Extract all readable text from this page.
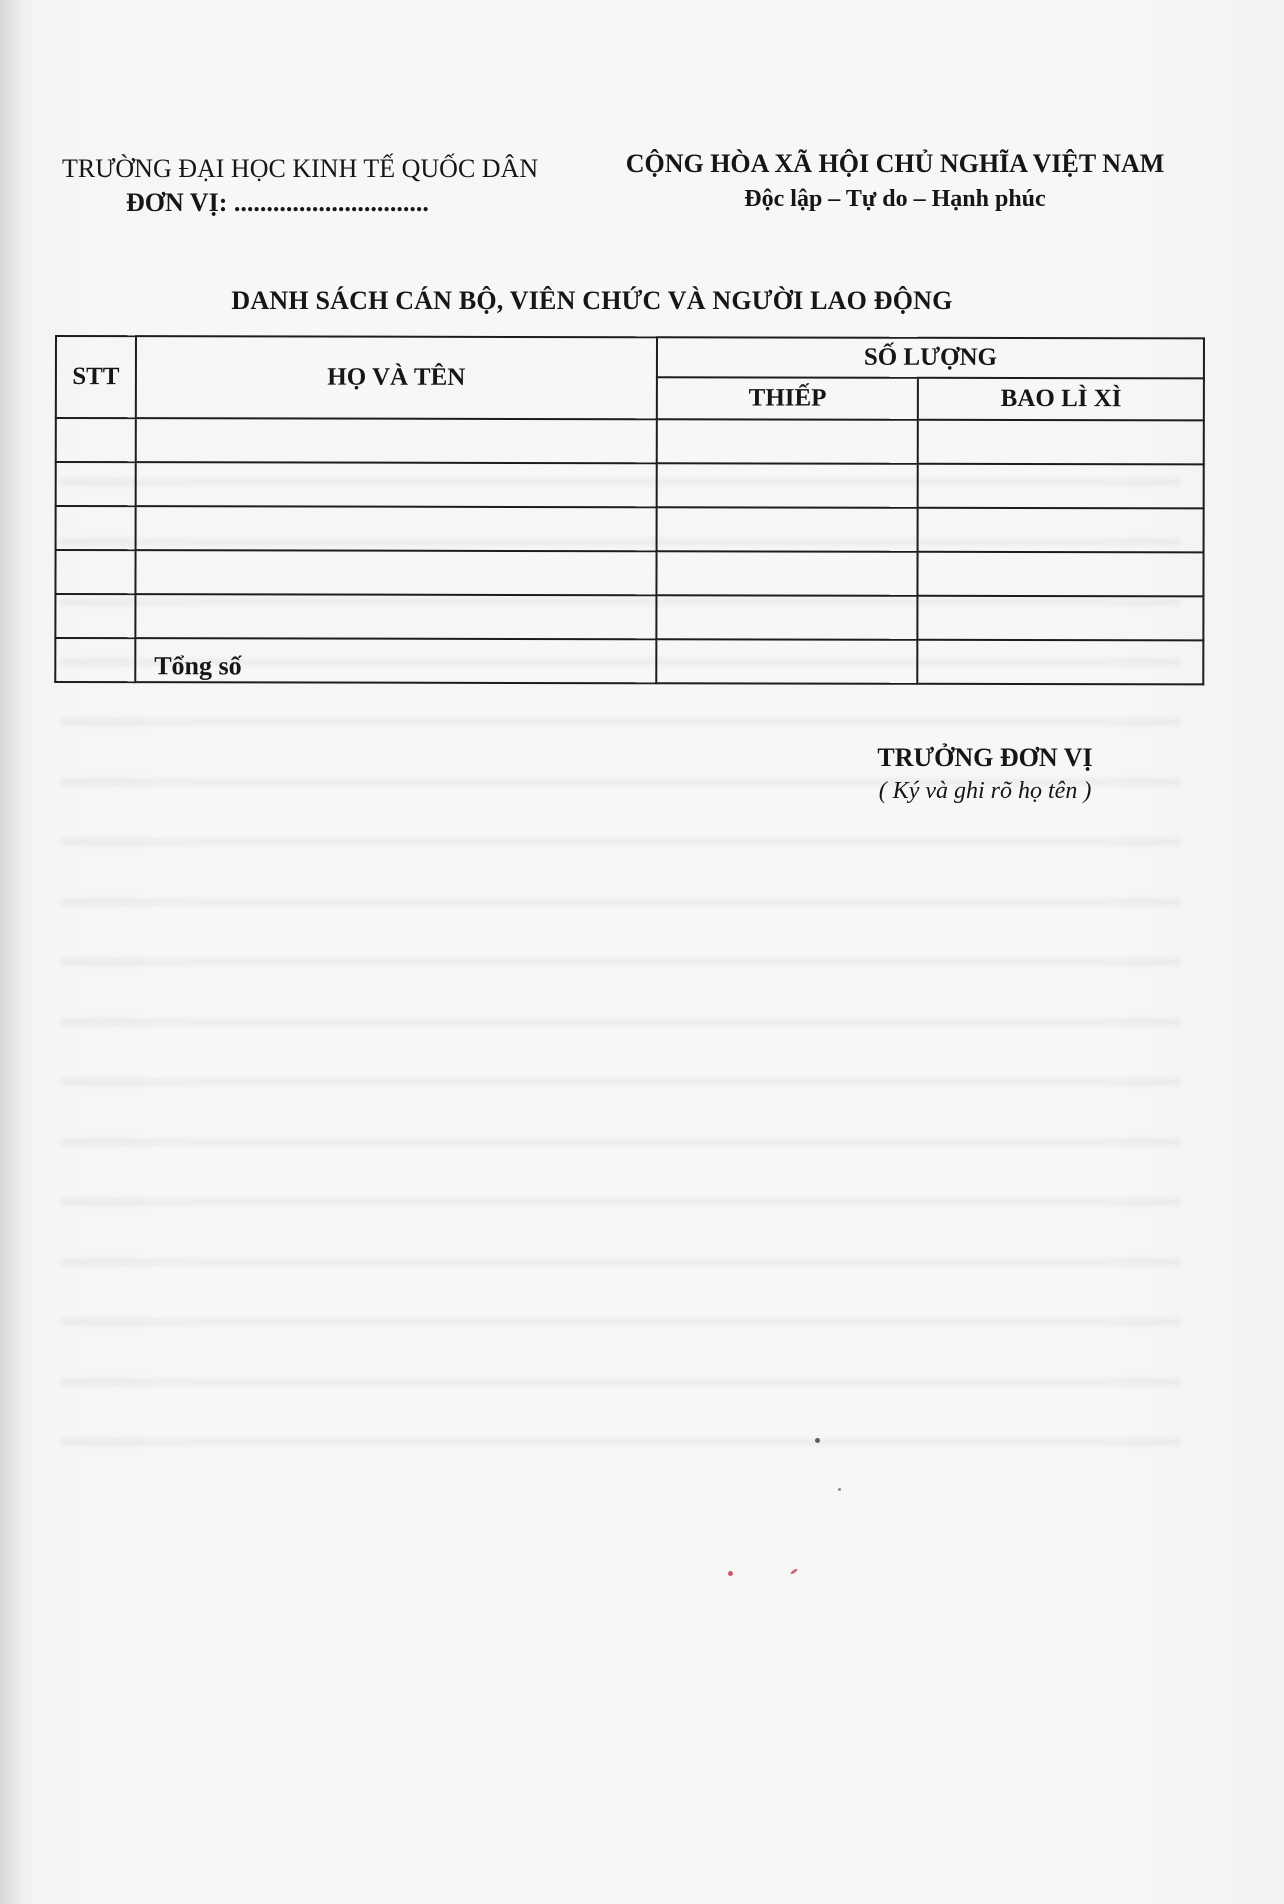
TRƯỜNG ĐẠI HỌC KINH TẾ QUỐC DÂN
ĐƠN VỊ: ..............................
CỘNG HÒA XÃ HỘI CHỦ NGHĨA VIỆT NAM
Độc lập – Tự do – Hạnh phúc
DANH SÁCH CÁN BỘ, VIÊN CHỨC VÀ NGƯỜI LAO ĐỘNG
STT	HỌ VÀ TÊN	SỐ LƯỢNG	
		THIẾP	BAO LÌ XÌ

	Tổng số		
TRƯỞNG ĐƠN VỊ
( Ký và ghi rõ họ tên )
